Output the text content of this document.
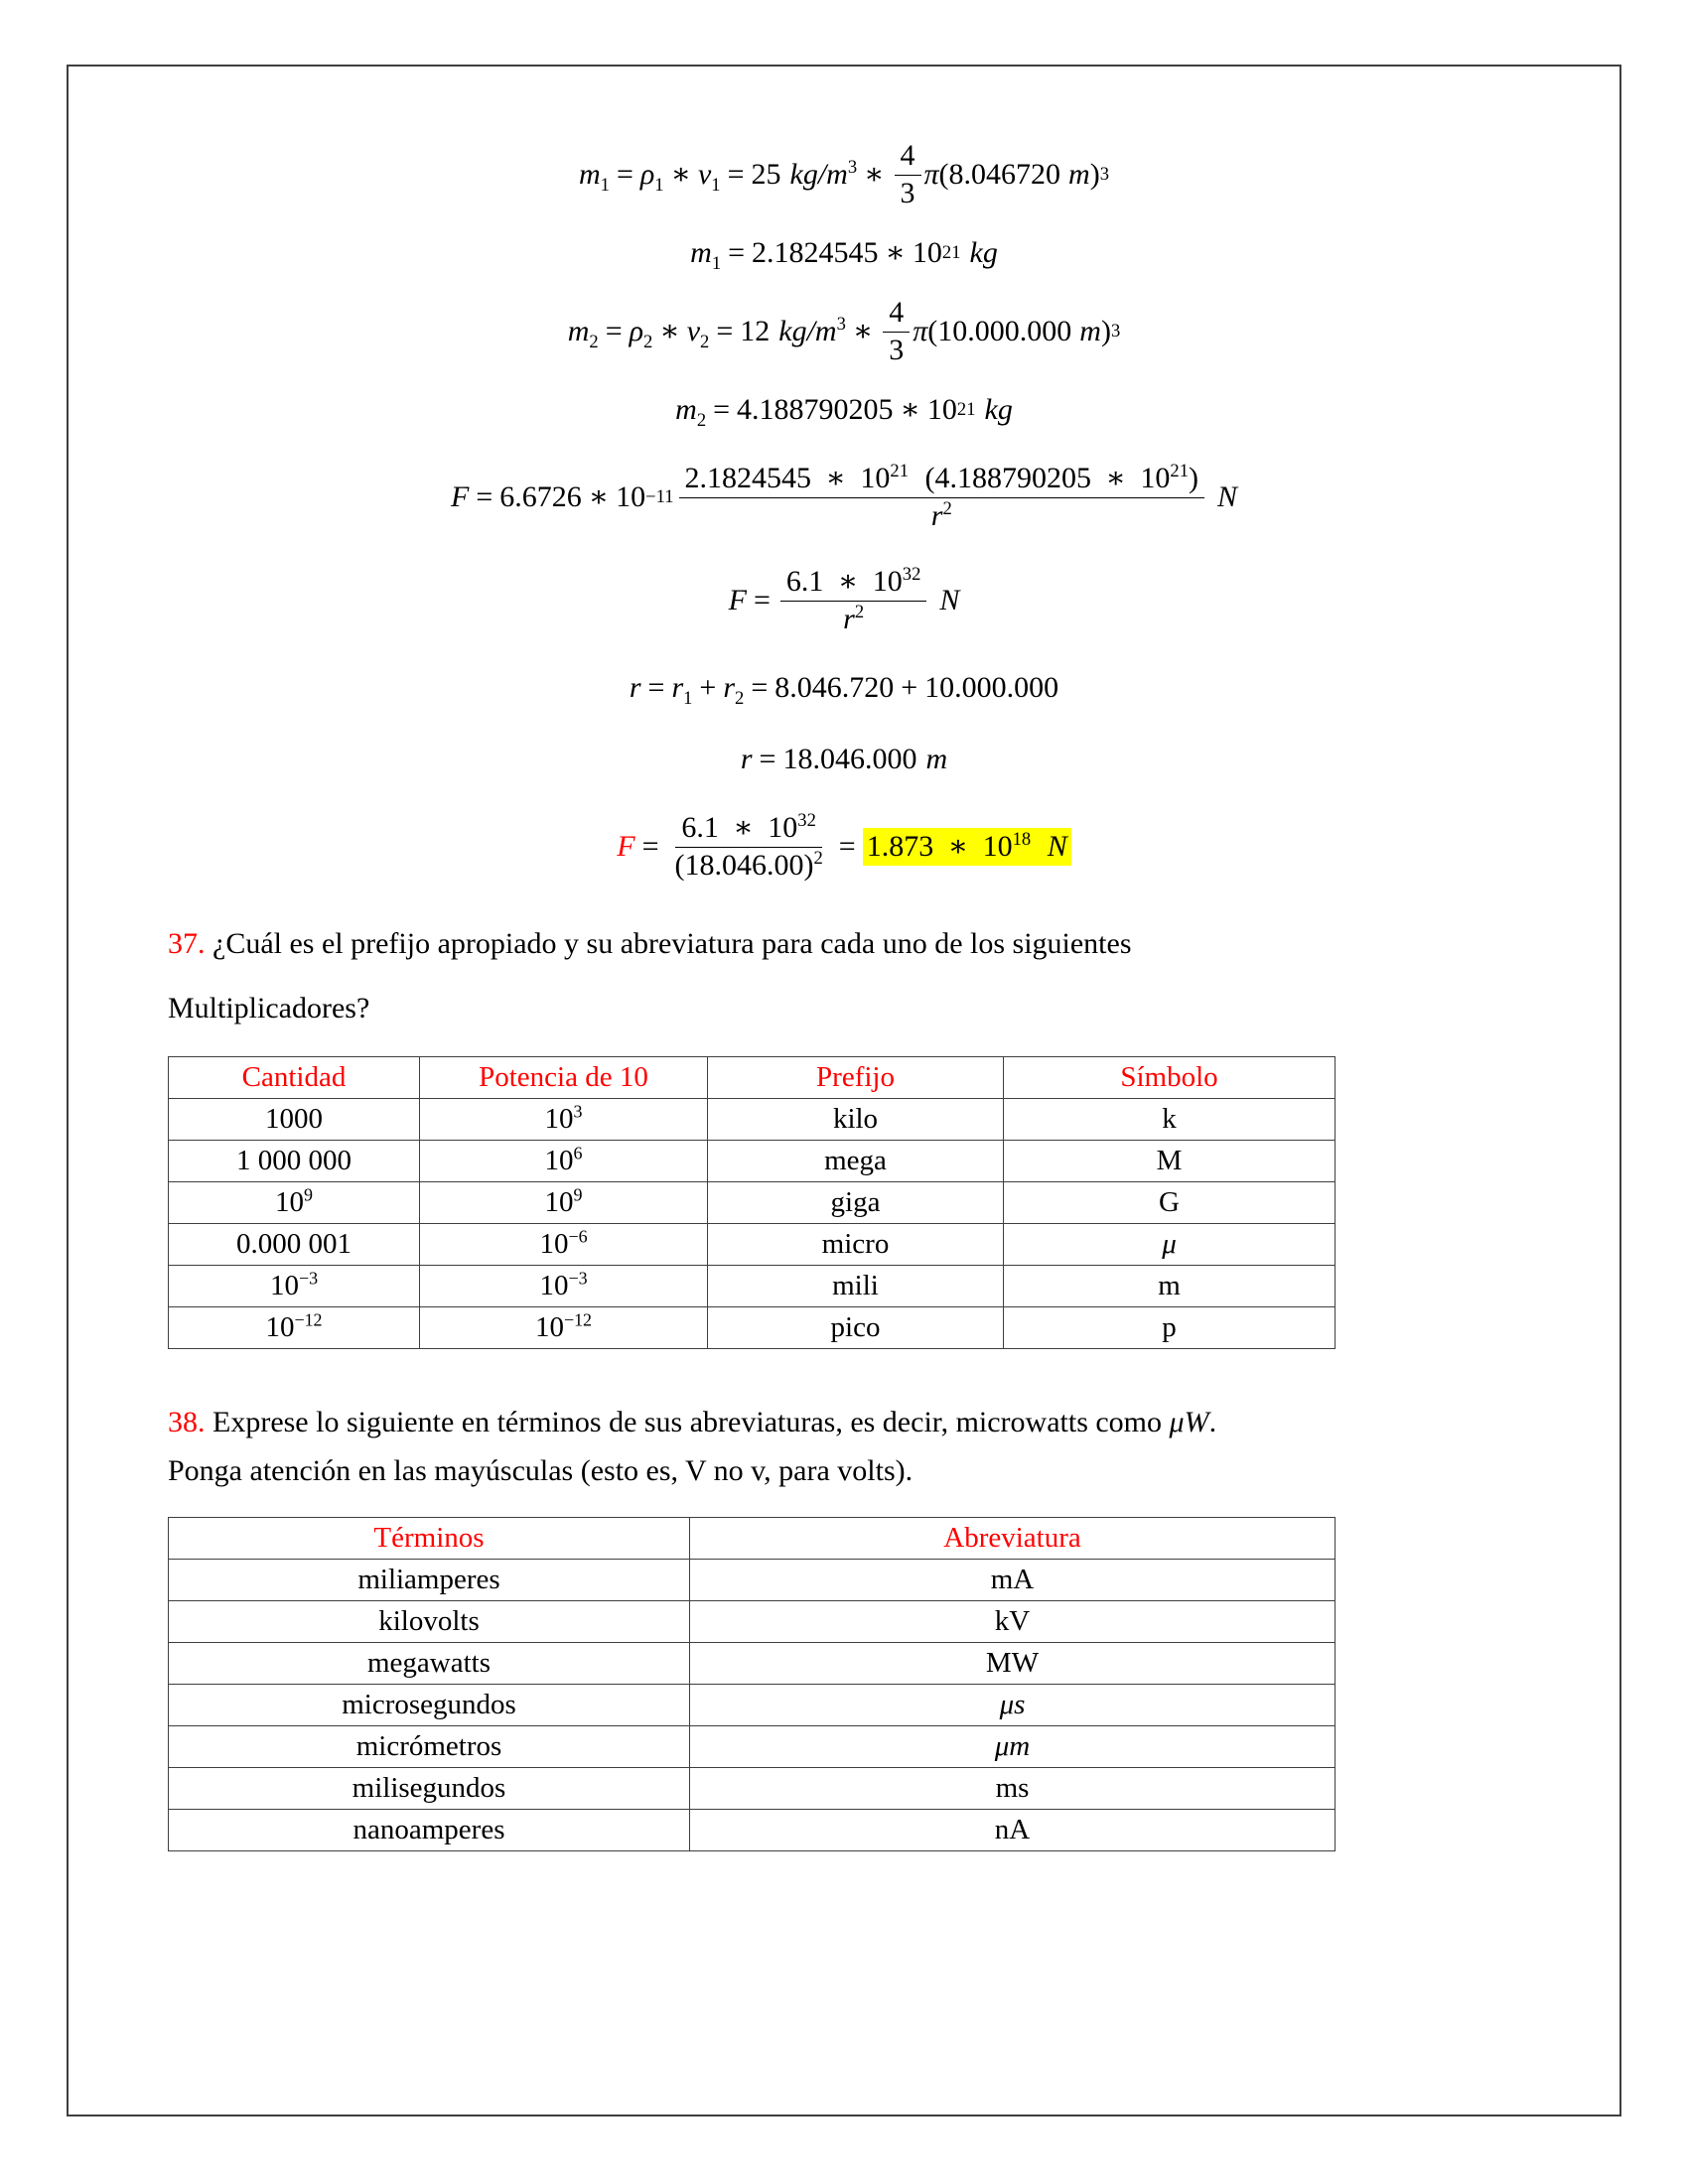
$m_1 = \rho_1$ ∗ $v_1 = 25$ $kg/m^3$ ∗ $\frac{4}{3}$ π ( 8.046720 m ) 3
$m_1 = 2.1824545$ ∗ 10 21 kg
$m_2 = \rho_2$ ∗ $v_2 = 12$ $kg/m^3$ ∗ $\frac{4}{3}$ π ( 10.000.000 m ) 3
$m_2 = 4.188790205$ ∗ 10 21 kg
F = 6.6726 ∗ 10 −11
2.1824545 ∗ $10^{21}$ (4.188790205 ∗ $10^{21}$)
$r^2$	N
$F = \frac{6.1 ∗ 10^{32}}{r^2}$ N
$r = r_1 + r_2 = 8.046.720 + 10.000.000$
r = 18.046.000 m
$F = \frac{6.1 ∗ 10^{32}}{(18.046.00)^2} = 1.873$ ∗ $10^{18}$ N
37. ¿Cuál es el prefijo apropiado y su abreviatura para cada uno de los siguientes
Multiplicadores?
Cantidad	Potencia de 10	Prefijo	Símbolo
1000	$10^3$	kilo	k
1 000 000	$10^6$	mega	M
$10^9$	$10^9$	giga	G
0.000 001	$10^{-6}$	micro	μ
$10^{-3}$	$10^{-3}$	mili	m
$10^{-12}$	$10^{-12}$	pico	p
38. Exprese lo siguiente en términos de sus abreviaturas, es decir, microwatts como μW.
Ponga atención en las mayúsculas (esto es, V no v, para volts).
Términos	Abreviatura
miliamperes	mA
kilovolts	kV
megawatts	MW
microsegundos	μs
micrómetros	μm
milisegundos	ms
nanoamperes	nA
